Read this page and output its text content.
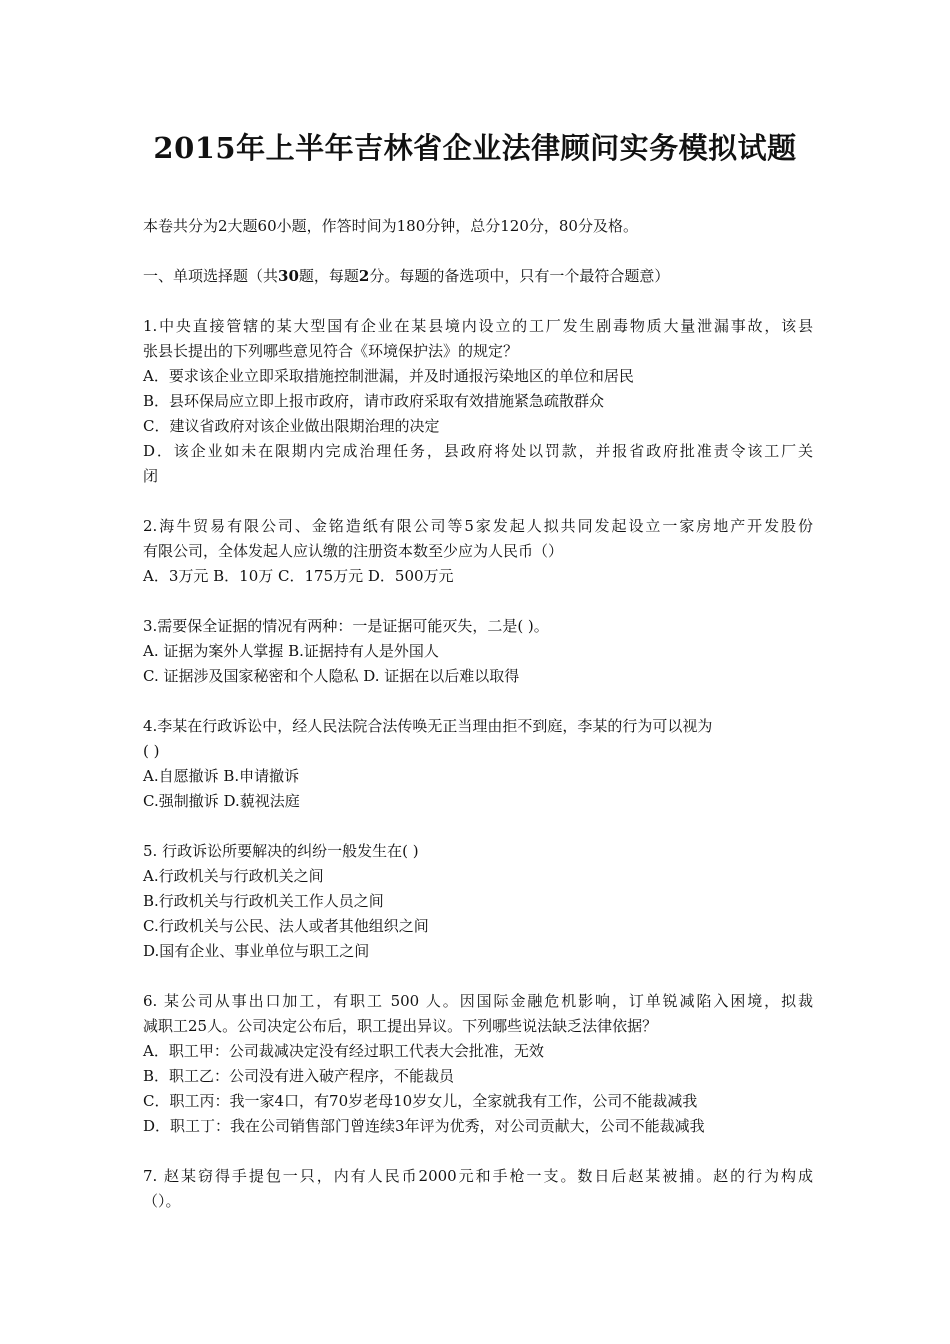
2015年上半年吉林省企业法律顾问实务模拟试题

本卷共分为2大题60小题，作答时间为180分钟，总分120分，80分及格。

一、单项选择题（共30题，每题2分。每题的备选项中，只有一个最符合题意）

1.中央直接管辖的某大型国有企业在某县境内设立的工厂发生剧毒物质大量泄漏事故，该县

张县长提出的下列哪些意见符合《环境保护法》的规定？

A．要求该企业立即采取措施控制泄漏，并及时通报污染地区的单位和居民

B．县环保局应立即上报市政府，请市政府采取有效措施紧急疏散群众

C．建议省政府对该企业做出限期治理的决定

D．该企业如未在限期内完成治理任务，县政府将处以罚款，并报省政府批准责令该工厂关

闭

2.海牛贸易有限公司、金铭造纸有限公司等5家发起人拟共同发起设立一家房地产开发股份

有限公司，全体发起人应认缴的注册资本数至少应为人民币（）

A．3万元 B．10万 C．175万元 D．500万元

3.需要保全证据的情况有两种：一是证据可能灭失，二是( )。

A. 证据为案外人掌握 B.证据持有人是外国人

C. 证据涉及国家秘密和个人隐私 D. 证据在以后难以取得

4.李某在行政诉讼中，经人民法院合法传唤无正当理由拒不到庭，李某的行为可以视为

( )

A.自愿撤诉 B.申请撤诉

C.强制撤诉 D.藐视法庭

5. 行政诉讼所要解决的纠纷一般发生在( )

A.行政机关与行政机关之间

B.行政机关与行政机关工作人员之间

C.行政机关与公民、法人或者其他组织之间

D.国有企业、事业单位与职工之间

6. 某公司从事出口加工，有职工 500 人。因国际金融危机影响，订单锐减陷入困境，拟裁

减职工25人。公司决定公布后，职工提出异议。下列哪些说法缺乏法律依据？

A．职工甲：公司裁减决定没有经过职工代表大会批准，无效

B．职工乙：公司没有进入破产程序，不能裁员

C．职工丙：我一家4口，有70岁老母10岁女儿，全家就我有工作，公司不能裁减我

D．职工丁：我在公司销售部门曾连续3年评为优秀，对公司贡献大，公司不能裁减我

7. 赵某窃得手提包一只，内有人民币2000元和手枪一支。数日后赵某被捕。赵的行为构成

（）。
